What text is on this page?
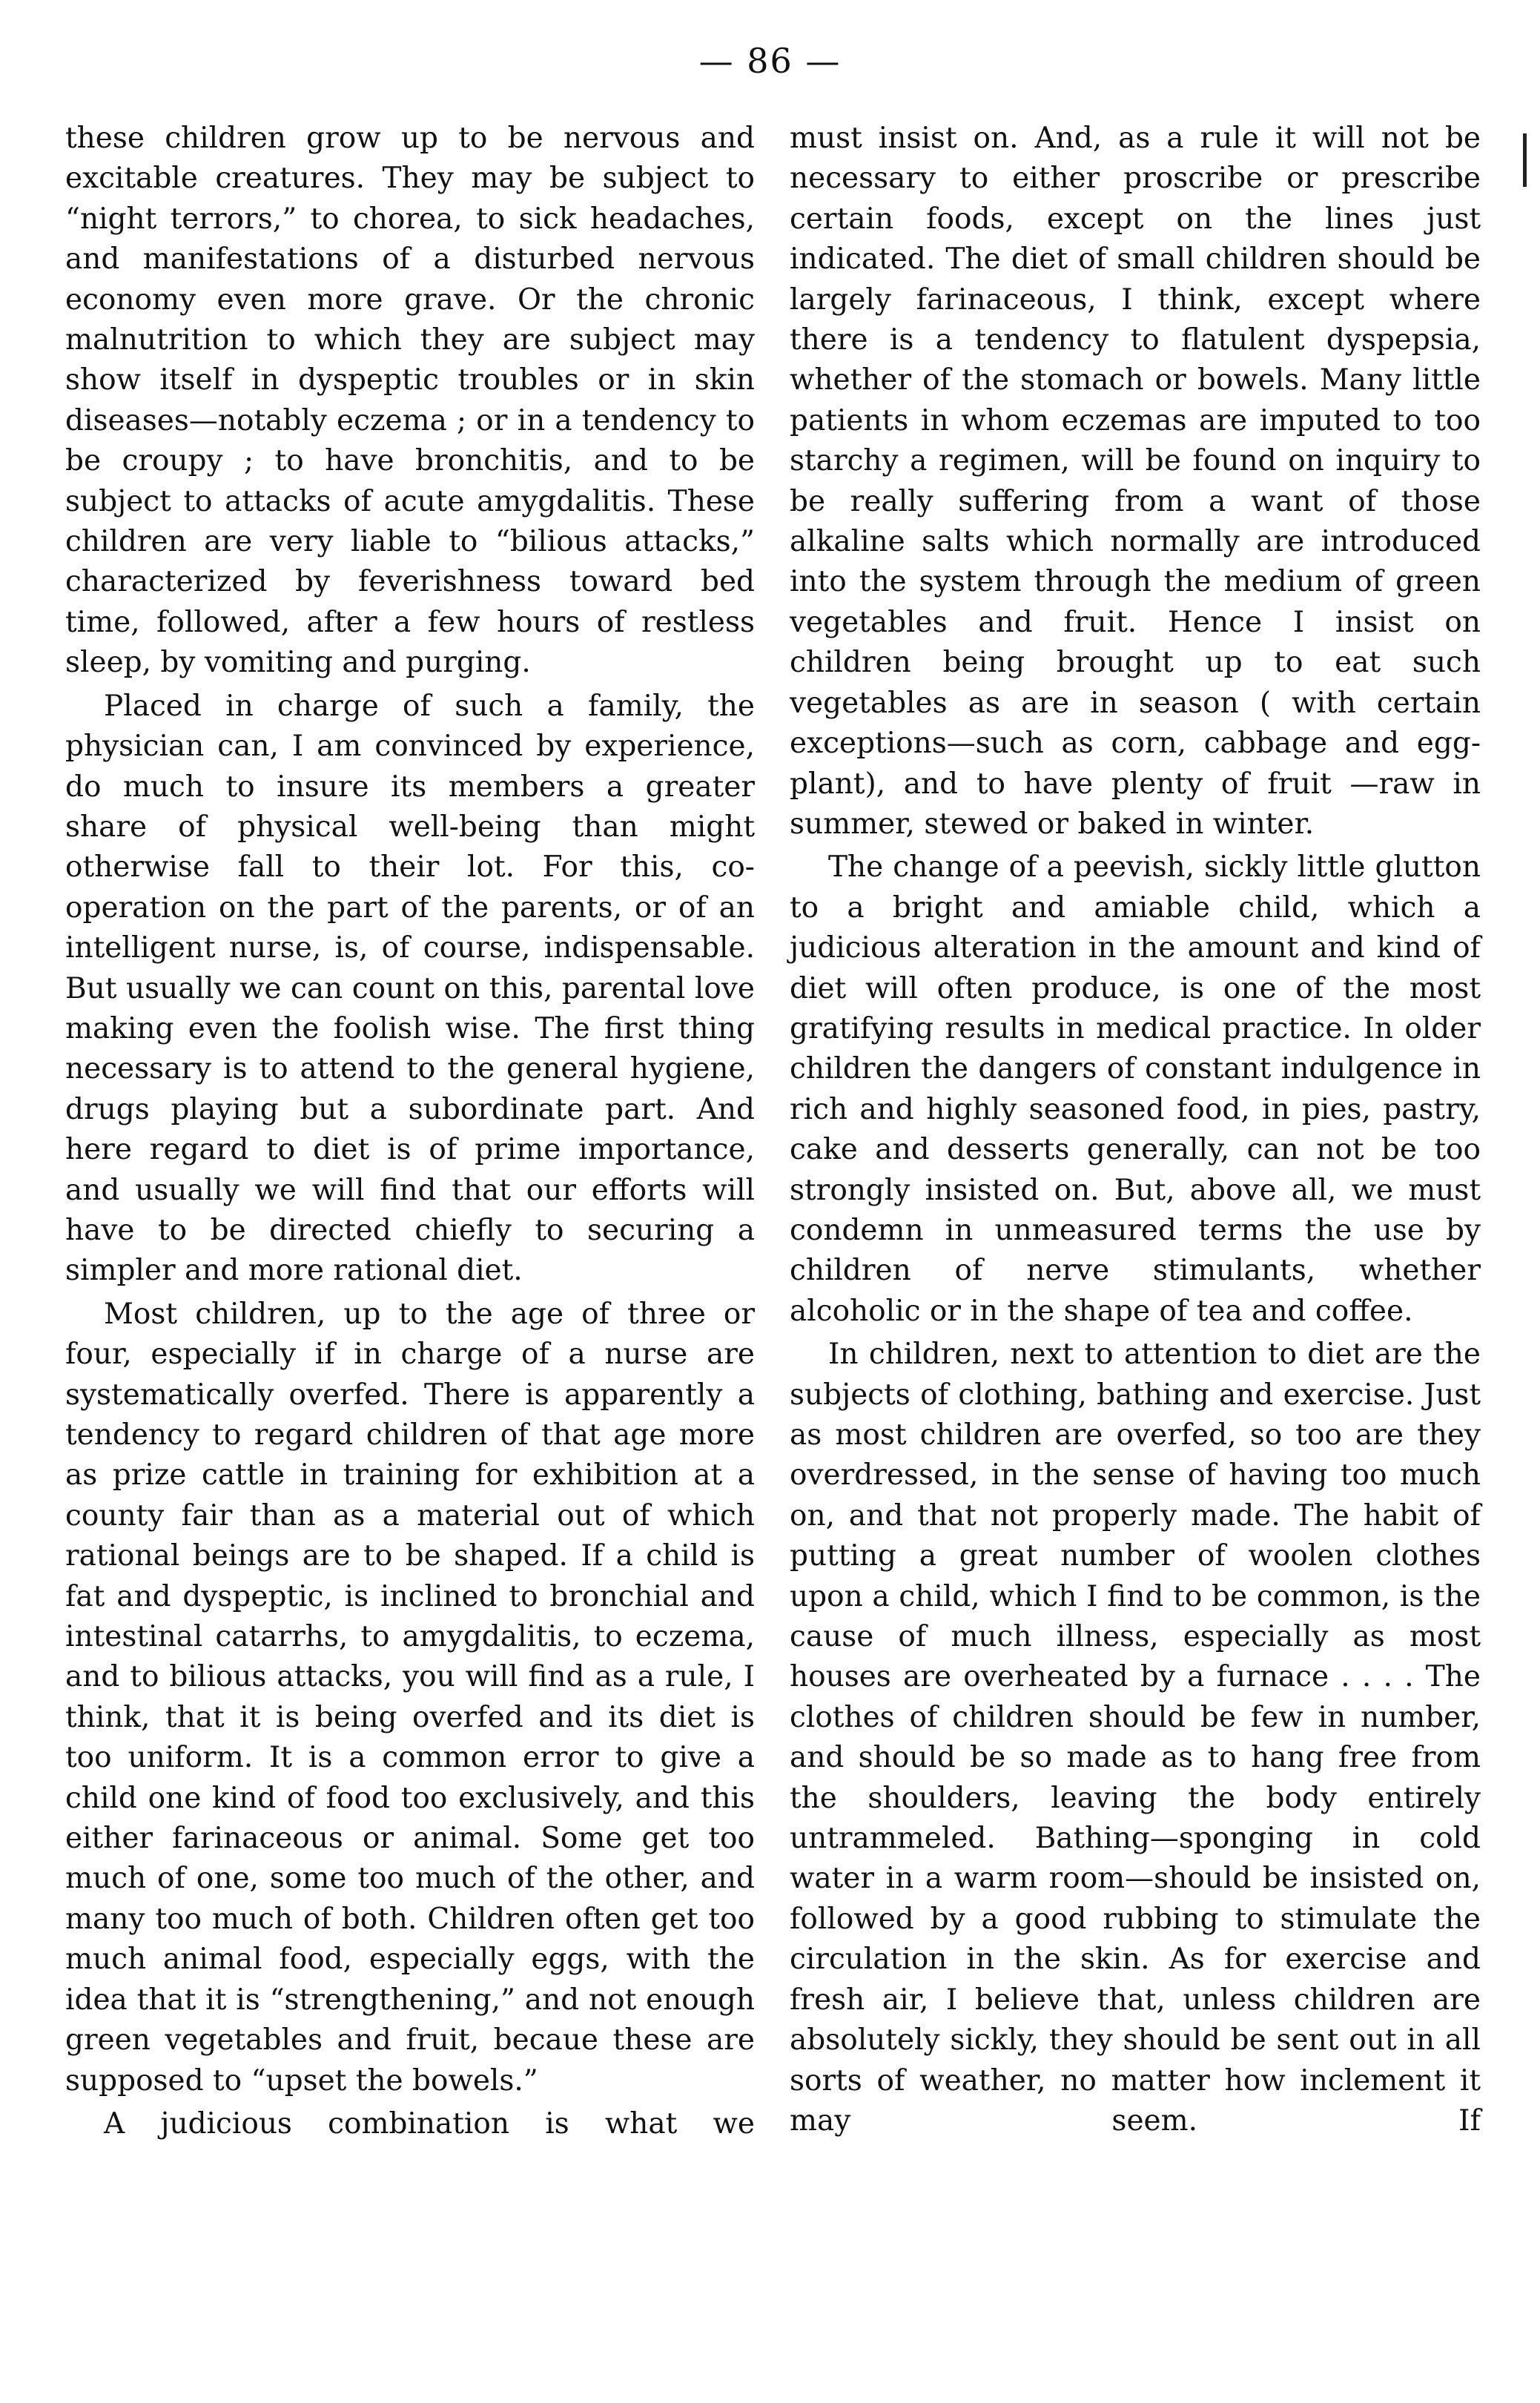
— 86 —

these children grow up to be nervous and excitable creatures. They may be subject to “night terrors,” to chorea, to sick headaches, and manifestations of a disturbed nervous economy even more grave. Or the chronic malnutrition to which they are subject may show itself in dyspeptic troubles or in skin diseases—notably eczema ; or in a tendency to be croupy ; to have bronchitis, and to be subject to attacks of acute amygdalitis. These children are very liable to “bilious attacks,” characterized by feverishness toward bed time, followed, after a few hours of restless sleep, by vomiting and purging.

Placed in charge of such a family, the physician can, I am convinced by experience, do much to insure its members a greater share of physical well-being than might otherwise fall to their lot. For this, co-operation on the part of the parents, or of an intelligent nurse, is, of course, indispensable. But usually we can count on this, parental love making even the foolish wise. The first thing necessary is to attend to the general hygiene, drugs playing but a subordinate part. And here regard to diet is of prime importance, and usually we will find that our efforts will have to be directed chiefly to securing a simpler and more rational diet.

Most children, up to the age of three or four, especially if in charge of a nurse are systematically overfed. There is apparently a tendency to regard children of that age more as prize cattle in training for exhibition at a county fair than as a material out of which rational beings are to be shaped. If a child is fat and dyspeptic, is inclined to bronchial and intestinal catarrhs, to amygdalitis, to eczema, and to bilious attacks, you will find as a rule, I think, that it is being overfed and its diet is too uniform. It is a common error to give a child one kind of food too exclusively, and this either farinaceous or animal. Some get too much of one, some too much of the other, and many too much of both. Children often get too much animal food, especially eggs, with the idea that it is “strengthening,” and not enough green vegetables and fruit, becaue these are supposed to “upset the bowels.”

A judicious combination is what we

must insist on. And, as a rule it will not be necessary to either proscribe or prescribe certain foods, except on the lines just indicated. The diet of small children should be largely farinaceous, I think, except where there is a tendency to flatulent dyspepsia, whether of the stomach or bowels. Many little patients in whom eczemas are imputed to too starchy a regimen, will be found on inquiry to be really suffering from a want of those alkaline salts which normally are introduced into the system through the medium of green vegetables and fruit. Hence I insist on children being brought up to eat such vegetables as are in season ( with certain exceptions—such as corn, cabbage and egg-plant), and to have plenty of fruit —raw in summer, stewed or baked in winter.

The change of a peevish, sickly little glutton to a bright and amiable child, which a judicious alteration in the amount and kind of diet will often produce, is one of the most gratifying results in medical practice. In older children the dangers of constant indulgence in rich and highly seasoned food, in pies, pastry, cake and desserts generally, can not be too strongly insisted on. But, above all, we must condemn in unmeasured terms the use by children of nerve stimulants, whether alcoholic or in the shape of tea and coffee.

In children, next to attention to diet are the subjects of clothing, bathing and exercise. Just as most children are overfed, so too are they overdressed, in the sense of having too much on, and that not properly made. The habit of putting a great number of woolen clothes upon a child, which I find to be common, is the cause of much illness, especially as most houses are overheated by a furnace . . . . The clothes of children should be few in number, and should be so made as to hang free from the shoulders, leaving the body entirely untrammeled. Bathing—sponging in cold water in a warm room—should be insisted on, followed by a good rubbing to stimulate the circulation in the skin. As for exercise and fresh air, I believe that, unless children are absolutely sickly, they should be sent out in all sorts of weather, no matter how inclement it may seem. If
